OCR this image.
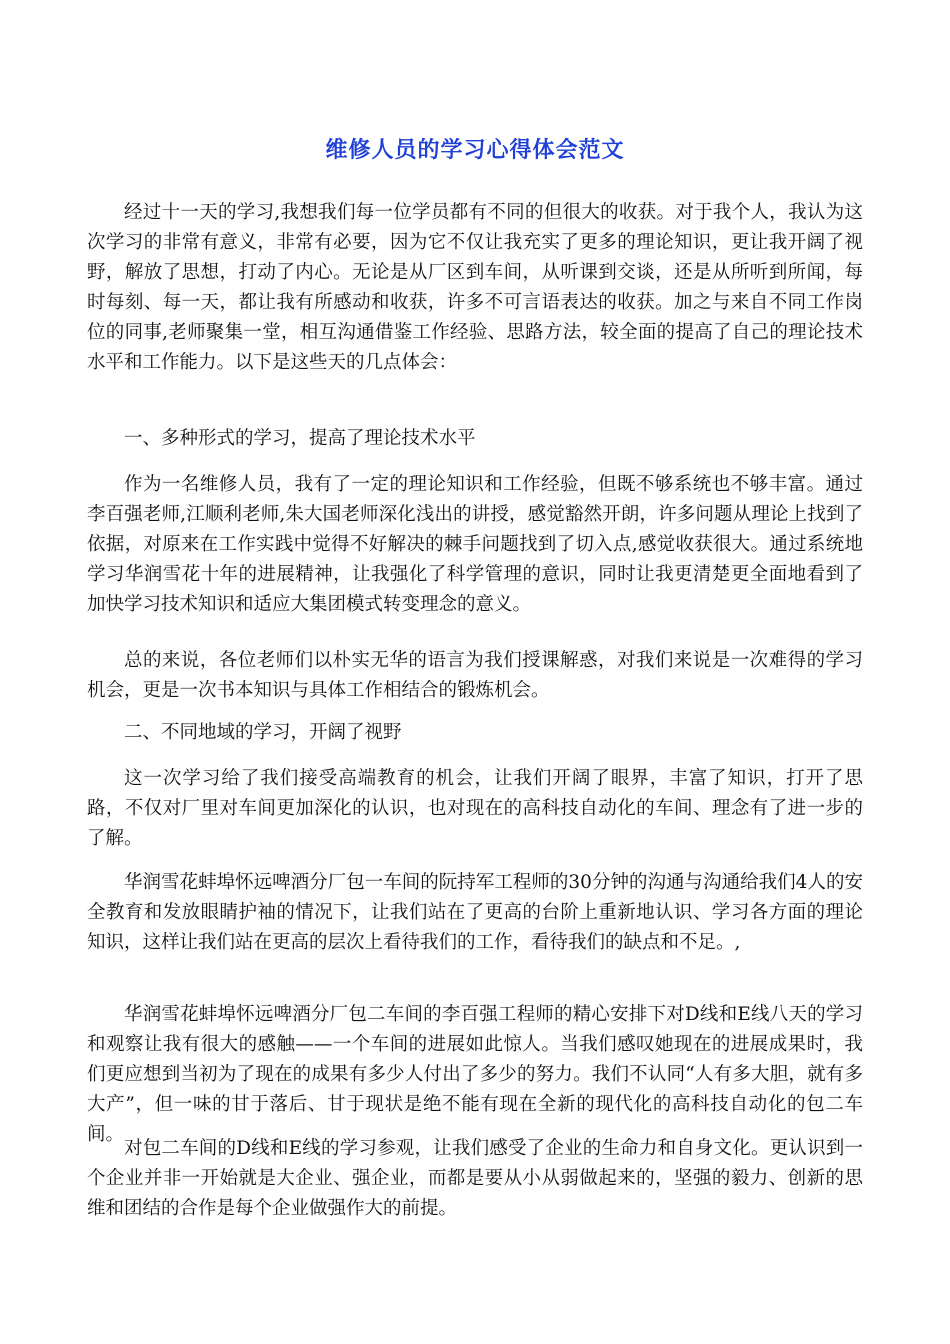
维修人员的学习心得体会范文

经过十一天的学习,我想我们每一位学员都有不同的但很大的收获。对于我个人，我认为这次学习的非常有意义，非常有必要，因为它不仅让我充实了更多的理论知识，更让我开阔了视野，解放了思想，打动了内心。无论是从厂区到车间，从听课到交谈，还是从所听到所闻，每时每刻、每一天，都让我有所感动和收获，许多不可言语表达的收获。加之与来自不同工作岗位的同事,老师聚集一堂，相互沟通借鉴工作经验、思路方法，较全面的提高了自己的理论技术水平和工作能力。以下是这些天的几点体会：

一、多种形式的学习，提高了理论技术水平

作为一名维修人员，我有了一定的理论知识和工作经验，但既不够系统也不够丰富。通过李百强老师,江顺利老师,朱大国老师深化浅出的讲授，感觉豁然开朗，许多问题从理论上找到了依据，对原来在工作实践中觉得不好解决的棘手问题找到了切入点,感觉收获很大。通过系统地学习华润雪花十年的进展精神，让我强化了科学管理的意识，同时让我更清楚更全面地看到了加快学习技术知识和适应大集团模式转变理念的意义。

总的来说，各位老师们以朴实无华的语言为我们授课解惑，对我们来说是一次难得的学习机会，更是一次书本知识与具体工作相结合的锻炼机会。

二、不同地域的学习，开阔了视野

这一次学习给了我们接受高端教育的机会，让我们开阔了眼界，丰富了知识，打开了思路，不仅对厂里对车间更加深化的认识，也对现在的高科技自动化的车间、理念有了进一步的了解。

华润雪花蚌埠怀远啤酒分厂包一车间的阮持军工程师的30分钟的沟通与沟通给我们4人的安全教育和发放眼睛护袖的情况下，让我们站在了更高的台阶上重新地认识、学习各方面的理论知识，这样让我们站在更高的层次上看待我们的工作，看待我们的缺点和不足。,

华润雪花蚌埠怀远啤酒分厂包二车间的李百强工程师的精心安排下对D线和E线八天的学习和观察让我有很大的感触——一个车间的进展如此惊人。当我们感叹她现在的进展成果时，我们更应想到当初为了现在的成果有多少人付出了多少的努力。我们不认同“人有多大胆，就有多大产”，但一味的甘于落后、甘于现状是绝不能有现在全新的现代化的高科技自动化的包二车间。

对包二车间的D线和E线的学习参观，让我们感受了企业的生命力和自身文化。更认识到一个企业并非一开始就是大企业、强企业，而都是要从小从弱做起来的，坚强的毅力、创新的思维和团结的合作是每个企业做强作大的前提。
